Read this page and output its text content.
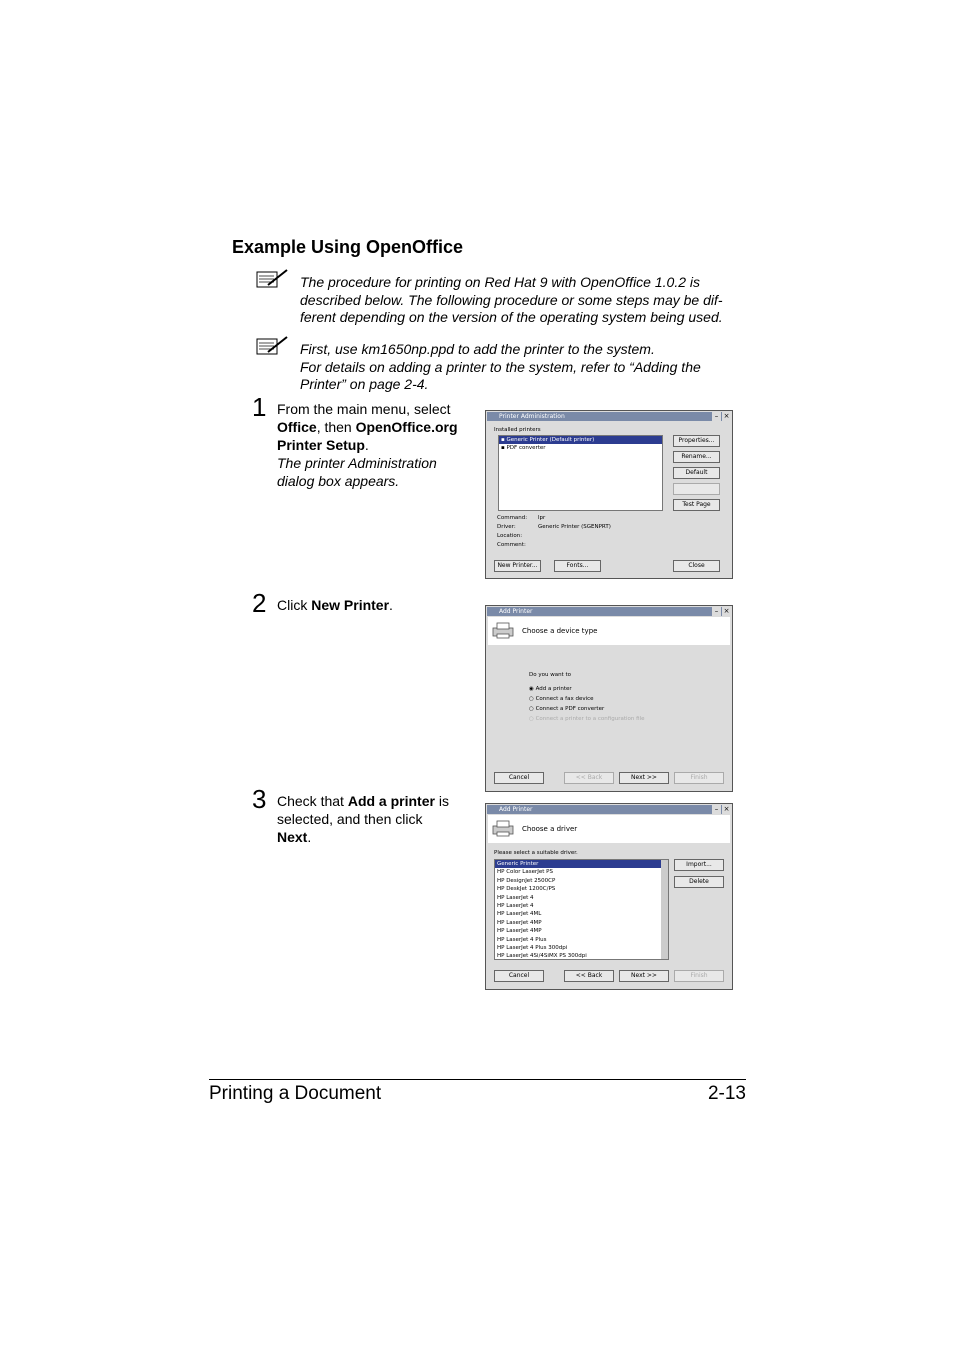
Example Using OpenOffice
The procedure for printing on Red Hat 9 with OpenOffice 1.0.2 is
described below. The following procedure or some steps may be dif-
ferent depending on the version of the operating system being used.
First, use km1650np.ppd to add the printer to the system.
For details on adding a printer to the system, refer to “Adding the
Printer” on page 2-4.
1 From the main menu, select
Office, then OpenOffice.org
Printer Setup.
The printer Administration
dialog box appears.
2 Click New Printer.
3 Check that Add a printer is
selected, and then click
Next.
Printer Administration	– ×
Installed printers
▪ Generic Printer (Default printer)
▪ PDF converter
Properties...
Rename...
Default
Test Page
Command: lpr
Driver:	Generic Printer (SGENPRT)
Location:
Comment:
New Printer...	Fonts...	Close
Add Printer	– ×
Choose a device type
Do you want to
◉ Add a printer
○ Connect a fax device
○ Connect a PDF converter
○ Connect a printer to a configuration file
Cancel	<< Back	Next >>	Finish
Add Printer	– ×
Choose a driver
Please select a suitable driver.
Generic Printer
HP Color LaserJet PS
HP DesignJet 2500CP
HP DeskJet 1200C/PS
HP LaserJet 4
HP LaserJet 4
HP LaserJet 4ML
HP LaserJet 4MP
HP LaserJet 4MP
HP LaserJet 4 Plus
HP LaserJet 4 Plus 300dpi
HP LaserJet 4Si/4SiMX PS 300dpi
Import...
Delete
Cancel	<< Back	Next >>	Finish
Printing a Document	2-13
